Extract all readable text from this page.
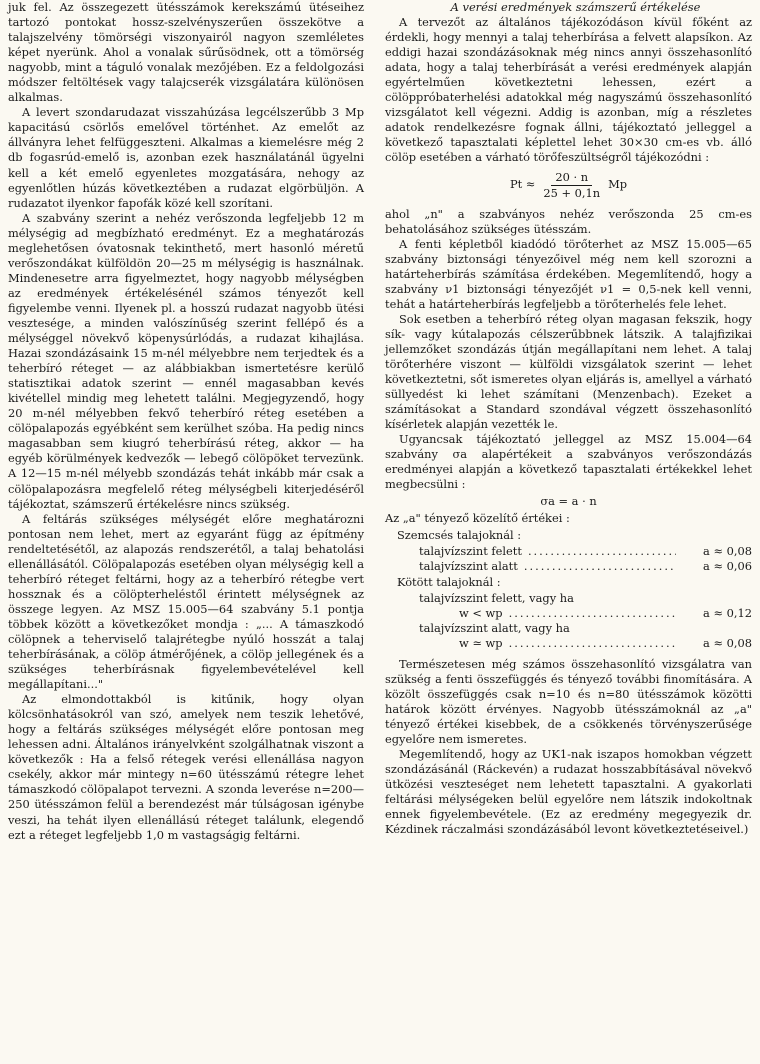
juk fel. Az összegezett ütésszámok kerekszámú ütéseihez tartozó pontokat hossz-szelvényszerűen összekötve a talajszelvény tömörségi viszonyairól nagyon szemléletes képet nyerünk. Ahol a vonalak sűrűsödnek, ott a tömörség nagyobb, mint a táguló vonalak mezőjében. Ez a feldolgozási módszer feltöltések vagy talajcserék vizsgálatára különösen alkalmas.

A levert szondarudazat visszahúzása legcélszerűbb 3 Mp kapacitású csörlős emelővel történhet. Az emelőt az állványra lehet felfüggeszteni. Alkalmas a kiemelésre még 2 db fogasrúd-emelő is, azonban ezek használatánál ügyelni kell a két emelő egyenletes mozgatására, nehogy az egyenlőtlen húzás következtében a rudazat elgörbüljön. A rudazatot ilyenkor fapofák közé kell szorítani.

A szabvány szerint a nehéz verőszonda legfeljebb 12 m mélységig ad megbízható eredményt. Ez a meghatározás meglehetősen óvatosnak tekinthető, mert hasonló méretű verőszondákat külföldön 20—25 m mélységig is használnak. Mindenesetre arra figyelmeztet, hogy nagyobb mélységben az eredmények értékelésénél számos tényezőt kell figyelembe venni. Ilyenek pl. a hosszú rudazat nagyobb ütési vesztesége, a minden valószínűség szerint fellépő és a mélységgel növekvő köpenysúrlódás, a rudazat kihajlása. Hazai szondázásaink 15 m-nél mélyebbre nem terjedtek és a teherbíró réteget — az alábbiakban ismertetésre kerülő statisztikai adatok szerint — ennél magasabban kevés kivétellel mindig meg lehetett találni. Megjegyzendő, hogy 20 m-nél mélyebben fekvő teherbíró réteg esetében a cölöpalapozás egyébként sem kerülhet szóba. Ha pedig nincs magasabban sem kiugró teherbírású réteg, akkor — ha egyéb körülmények kedvezők — lebegő cölöpöket tervezünk. A 12—15 m-nél mélyebb szondázás tehát inkább már csak a cölöpalapozásra megfelelő réteg mélységbeli kiterjedéséről tájékoztat, számszerű értékelésre nincs szükség.

A feltárás szükséges mélységét előre meghatározni pontosan nem lehet, mert az egyaránt függ az építmény rendeltetésétől, az alapozás rendszerétől, a talaj behatolási ellenállásától. Cölöpalapozás esetében olyan mélységig kell a teherbíró réteget feltárni, hogy az a teherbíró rétegbe vert hossznak és a cölöpterheléstől érintett mélységnek az összege legyen. Az MSZ 15.005—64 szabvány 5.1 pontja többek között a következőket mondja : „... A támaszkodó cölöpnek a teherviselő talajrétegbe nyúló hosszát a talaj teherbírásának, a cölöp átmérőjének, a cölöp jellegének és a szükséges teherbírásnak figyelembevételével kell megállapítani..."

Az elmondottakból is kitűnik, hogy olyan kölcsönhatásokról van szó, amelyek nem teszik lehetővé, hogy a feltárás szükséges mélységét előre pontosan meg lehessen adni. Általános irányelvként szolgálhatnak viszont a következők : Ha a felső rétegek verési ellenállása nagyon csekély, akkor már mintegy n=60 ütésszámú rétegre lehet támaszkodó cölöpalapot tervezni. A szonda leverése n=200—250 ütésszámon felül a berendezést már túlságosan igénybe veszi, ha tehát ilyen ellenállású réteget találunk, elegendő ezt a réteget legfeljebb 1,0 m vastagságig feltárni.

A verési eredmények számszerű értékelése

A tervezőt az általános tájékozódáson kívül főként az érdekli, hogy mennyi a talaj teherbírása a felvett alapsíkon. Az eddigi hazai szondázásoknak még nincs annyi összehasonlító adata, hogy a talaj teherbírását a verési eredmények alapján egyértelműen következtetni lehessen, ezért a cölöppróbaterhelési adatokkal még nagyszámú összehasonlító vizsgálatot kell végezni. Addig is azonban, míg a részletes adatok rendelkezésre fognak állni, tájékoztató jelleggel a következő tapasztalati képlettel lehet 30×30 cm-es vb. álló cölöp esetében a várható törőfeszültségről tájékozódni :

$Pt \approx \frac{20 \cdot n}{25 + 0,1n}$ Mp

ahol „n" a szabványos nehéz verőszonda 25 cm-es behatolásához szükséges ütésszám.

A fenti képletből kiadódó törőterhet az MSZ 15.005—65 szabvány biztonsági tényezőivel még nem kell szorozni a határteherbírás számítása érdekében. Megemlítendő, hogy a szabvány ν1 biztonsági tényezőjét ν1 = 0,5-nek kell venni, tehát a határteherbírás legfeljebb a törőterhelés fele lehet.

Sok esetben a teherbíró réteg olyan magasan fekszik, hogy sík- vagy kútalapozás célszerűbbnek látszik. A talajfizikai jellemzőket szondázás útján megállapítani nem lehet. A talaj törőterhére viszont — külföldi vizsgálatok szerint — lehet következtetni, sőt ismeretes olyan eljárás is, amellyel a várható süllyedést ki lehet számítani (Menzenbach). Ezeket a számításokat a Standard szondával végzett összehasonlító kísérletek alapján vezették le.

Ugyancsak tájékoztató jelleggel az MSZ 15.004—64 szabvány σa alapértékeit a szabványos verőszondázás eredményei alapján a következő tapasztalati értékekkel lehet megbecsülni :

σa = a · n

Az „a" tényező közelítő értékei :

Szemcsés talajoknál :
talajvízszint felett .....	a ≈ 0,08
talajvízszint alatt .....	a ≈ 0,06
Kötött talajoknál :
talajvízszint felett, vagy ha
w < wp .....	a ≈ 0,12
talajvízszint alatt, vagy ha
w ≃ wp .....	a ≈ 0,08

Természetesen még számos összehasonlító vizsgálatra van szükség a fenti összefüggés és tényező további finomítására. A közölt összefüggés csak n=10 és n=80 ütésszámok közötti határok között érvényes. Nagyobb ütésszámoknál az „a" tényező értékei kisebbek, de a csökkenés törvényszerűsége egyelőre nem ismeretes.

Megemlítendő, hogy az UK1-nak iszapos homokban végzett szondázásánál (Ráckevén) a rudazat hosszabbításával növekvő ütközési veszteséget nem lehetett tapasztalni. A gyakorlati feltárási mélységeken belül egyelőre nem látszik indokoltnak ennek figyelembevétele. (Ez az eredmény megegyezik dr. Kézdinek ráczalmási szondázásából levont következtetéseivel.)
